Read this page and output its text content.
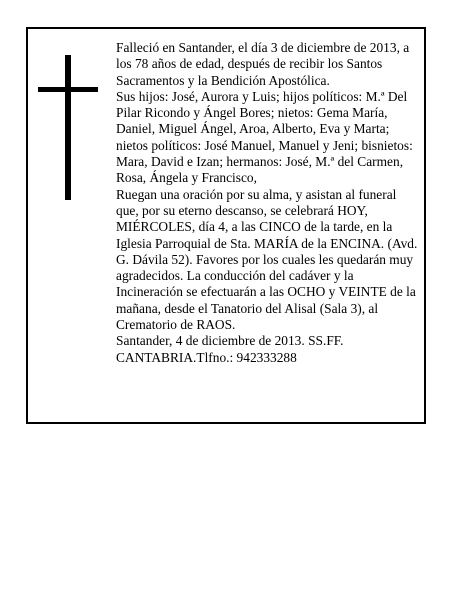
Falleció en Santander, el día 3 de diciembre de 2013, a los 78 años de edad, después de recibir los Santos Sacramentos y la Bendición Apostólica.

Sus hijos: José, Aurora y Luis; hijos políticos: M.ª Del Pilar Ricondo y Ángel Bores; nietos: Gema María, Daniel, Miguel Ángel, Aroa, Alberto, Eva y Marta; nietos políticos: José Manuel, Manuel y Jeni; bisnietos: Mara, David e Izan; hermanos: José, M.ª del Carmen, Rosa, Ángela y Francisco,

Ruegan una oración por su alma, y asistan al funeral que, por su eterno descanso, se celebrará HOY, MIÉRCOLES, día 4, a las CINCO de la tarde, en la Iglesia Parroquial de Sta. MARÍA de la ENCINA. (Avd. G. Dávila 52). Favores por los cuales les quedarán muy agradecidos. La conducción del cadáver y la Incineración se efectuarán a las OCHO y VEINTE de la mañana, desde el Tanatorio del Alisal (Sala 3), al Crematorio de RAOS.

Santander, 4 de diciembre de 2013. SS.FF.

CANTABRIA.Tlfno.: 942333288
